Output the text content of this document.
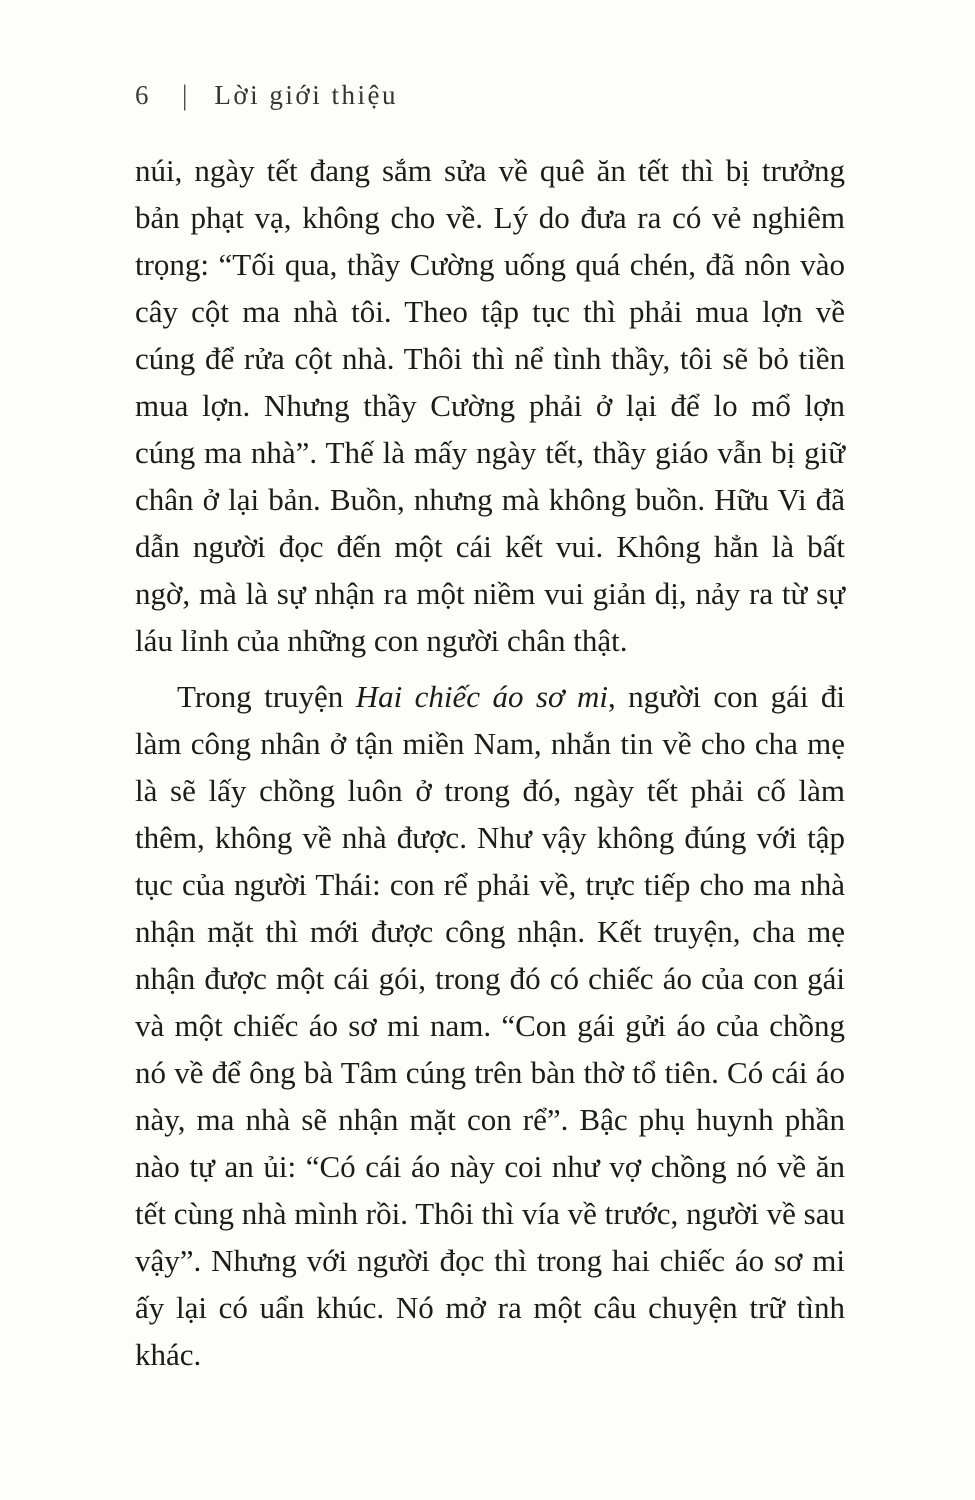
6 | Lời giới thiệu

núi, ngày tết đang sắm sửa về quê ăn tết thì bị trưởng bản phạt vạ, không cho về. Lý do đưa ra có vẻ nghiêm trọng: “Tối qua, thầy Cường uống quá chén, đã nôn vào cây cột ma nhà tôi. Theo tập tục thì phải mua lợn về cúng để rửa cột nhà. Thôi thì nể tình thầy, tôi sẽ bỏ tiền mua lợn. Nhưng thầy Cường phải ở lại để lo mổ lợn cúng ma nhà”. Thế là mấy ngày tết, thầy giáo vẫn bị giữ chân ở lại bản. Buồn, nhưng mà không buồn. Hữu Vi đã dẫn người đọc đến một cái kết vui. Không hẳn là bất ngờ, mà là sự nhận ra một niềm vui giản dị, nảy ra từ sự láu lỉnh của những con người chân thật.

Trong truyện Hai chiếc áo sơ mi, người con gái đi làm công nhân ở tận miền Nam, nhắn tin về cho cha mẹ là sẽ lấy chồng luôn ở trong đó, ngày tết phải cố làm thêm, không về nhà được. Như vậy không đúng với tập tục của người Thái: con rể phải về, trực tiếp cho ma nhà nhận mặt thì mới được công nhận. Kết truyện, cha mẹ nhận được một cái gói, trong đó có chiếc áo của con gái và một chiếc áo sơ mi nam. “Con gái gửi áo của chồng nó về để ông bà Tâm cúng trên bàn thờ tổ tiên. Có cái áo này, ma nhà sẽ nhận mặt con rể”. Bậc phụ huynh phần nào tự an ủi: “Có cái áo này coi như vợ chồng nó về ăn tết cùng nhà mình rồi. Thôi thì vía về trước, người về sau vậy”. Nhưng với người đọc thì trong hai chiếc áo sơ mi ấy lại có uẩn khúc. Nó mở ra một câu chuyện trữ tình khác.
